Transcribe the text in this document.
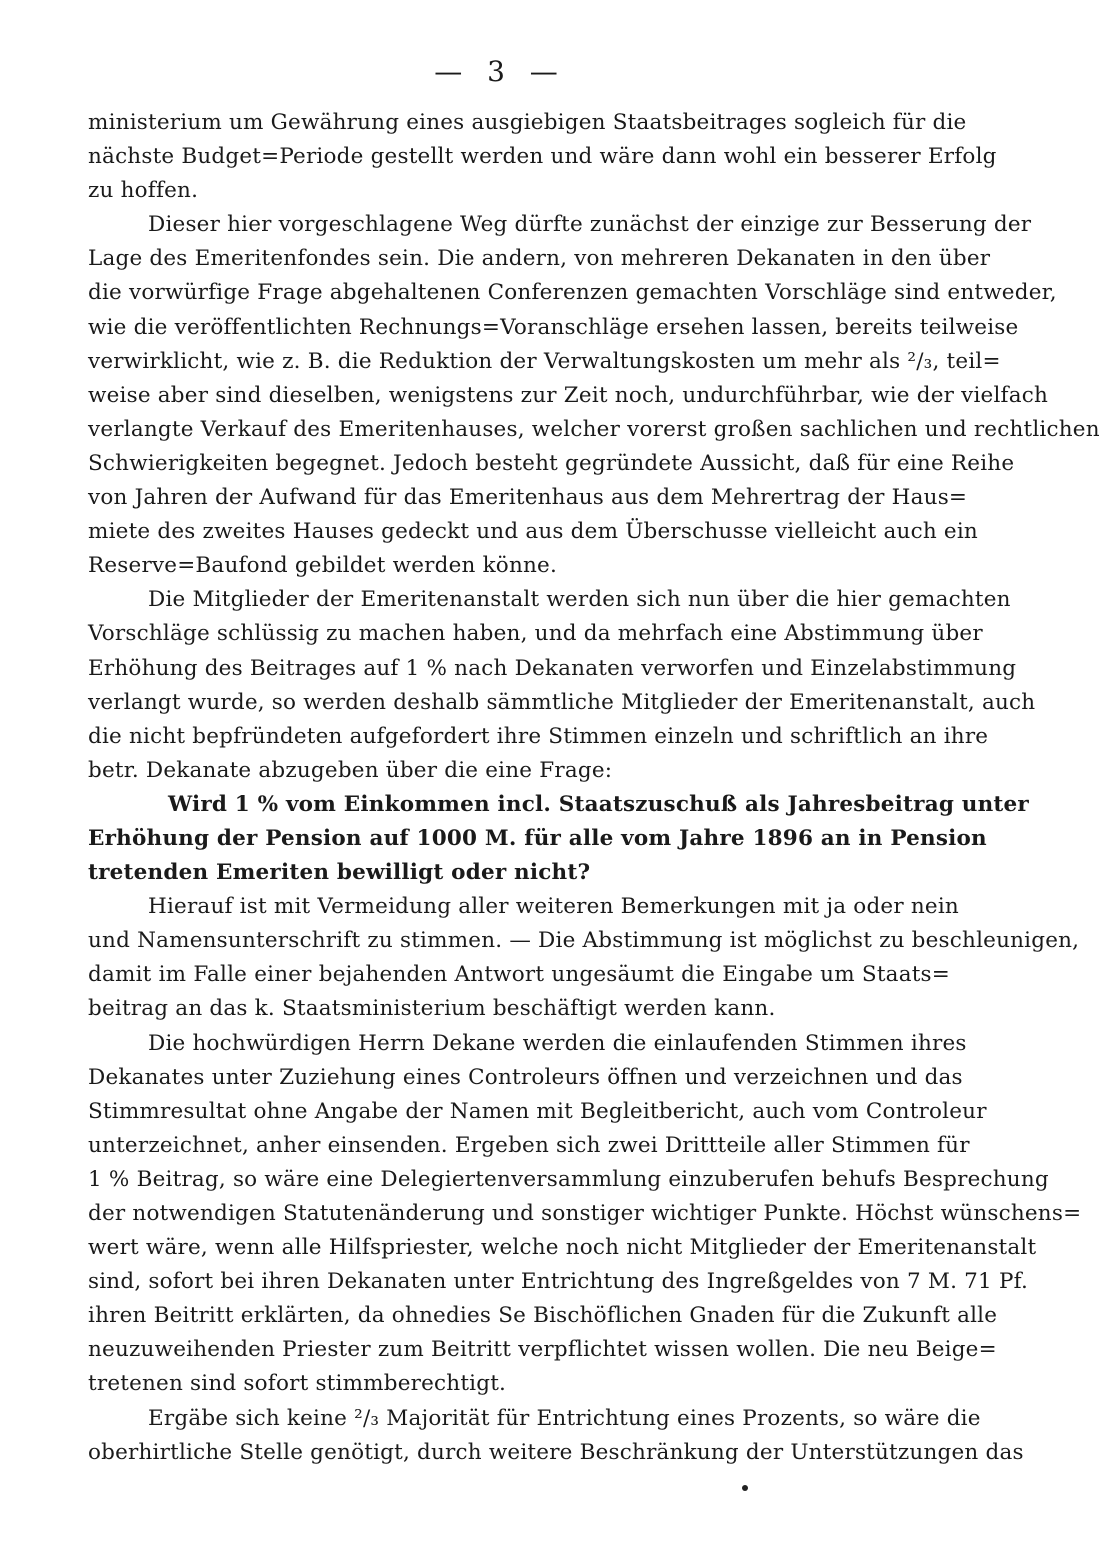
— 3 —
ministerium um Gewährung eines ausgiebigen Staatsbeitrages sogleich für die
nächste Budget=Periode gestellt werden und wäre dann wohl ein besserer Erfolg
zu hoffen.
Dieser hier vorgeschlagene Weg dürfte zunächst der einzige zur Besserung der
Lage des Emeritenfondes sein. Die andern, von mehreren Dekanaten in den über
die vorwürfige Frage abgehaltenen Conferenzen gemachten Vorschläge sind entweder,
wie die veröffentlichten Rechnungs=Voranschläge ersehen lassen, bereits teilweise
verwirklicht, wie z. B. die Reduktion der Verwaltungskosten um mehr als ²/₃, teil=
weise aber sind dieselben, wenigstens zur Zeit noch, undurchführbar, wie der vielfach
verlangte Verkauf des Emeritenhauses, welcher vorerst großen sachlichen und rechtlichen
Schwierigkeiten begegnet. Jedoch besteht gegründete Aussicht, daß für eine Reihe
von Jahren der Aufwand für das Emeritenhaus aus dem Mehrertrag der Haus=
miete des zweites Hauses gedeckt und aus dem Überschusse vielleicht auch ein
Reserve=Baufond gebildet werden könne.
Die Mitglieder der Emeritenanstalt werden sich nun über die hier gemachten
Vorschläge schlüssig zu machen haben, und da mehrfach eine Abstimmung über
Erhöhung des Beitrages auf 1 % nach Dekanaten verworfen und Einzelabstimmung
verlangt wurde, so werden deshalb sämmtliche Mitglieder der Emeritenanstalt, auch
die nicht bepfründeten aufgefordert ihre Stimmen einzeln und schriftlich an ihre
betr. Dekanate abzugeben über die eine Frage:
Wird 1 % vom Einkommen incl. Staatszuschuß als Jahresbeitrag unter
Erhöhung der Pension auf 1000 M. für alle vom Jahre 1896 an in Pension
tretenden Emeriten bewilligt oder nicht?
Hierauf ist mit Vermeidung aller weiteren Bemerkungen mit ja oder nein
und Namensunterschrift zu stimmen. — Die Abstimmung ist möglichst zu beschleunigen,
damit im Falle einer bejahenden Antwort ungesäumt die Eingabe um Staats=
beitrag an das k. Staatsministerium beschäftigt werden kann.
Die hochwürdigen Herrn Dekane werden die einlaufenden Stimmen ihres
Dekanates unter Zuziehung eines Controleurs öffnen und verzeichnen und das
Stimmresultat ohne Angabe der Namen mit Begleitbericht, auch vom Controleur
unterzeichnet, anher einsenden. Ergeben sich zwei Drittteile aller Stimmen für
1 % Beitrag, so wäre eine Delegiertenversammlung einzuberufen behufs Besprechung
der notwendigen Statutenänderung und sonstiger wichtiger Punkte. Höchst wünschens=
wert wäre, wenn alle Hilfspriester, welche noch nicht Mitglieder der Emeritenanstalt
sind, sofort bei ihren Dekanaten unter Entrichtung des Ingreßgeldes von 7 M. 71 Pf.
ihren Beitritt erklärten, da ohnedies Se Bischöflichen Gnaden für die Zukunft alle
neuzuweihenden Priester zum Beitritt verpflichtet wissen wollen. Die neu Beige=
tretenen sind sofort stimmberechtigt.
Ergäbe sich keine ²/₃ Majorität für Entrichtung eines Prozents, so wäre die
oberhirtliche Stelle genötigt, durch weitere Beschränkung der Unterstützungen das
